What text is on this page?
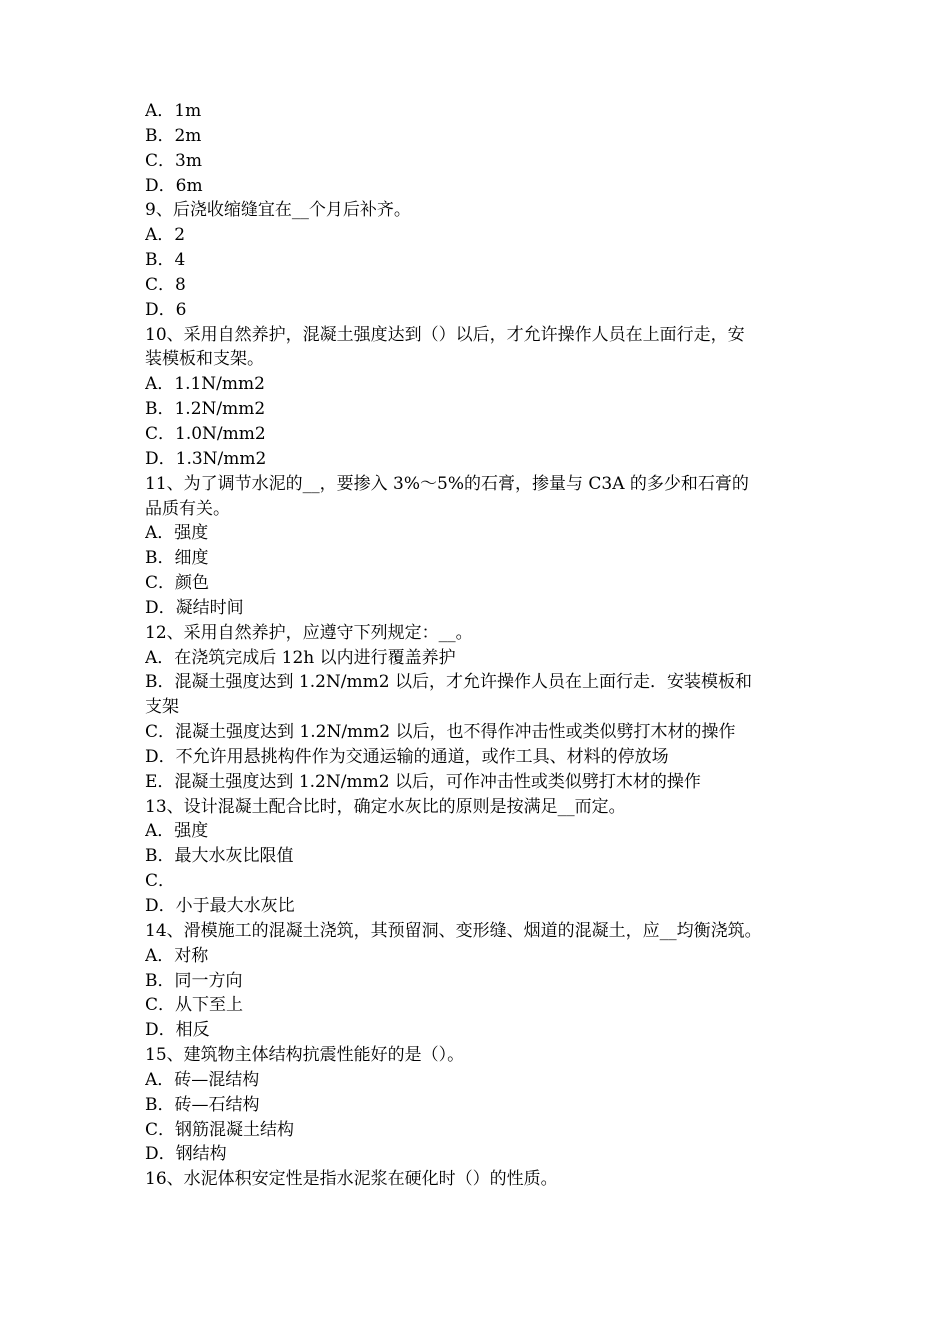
A．1m
B．2m
C．3m
D．6m
9、后浇收缩缝宜在__个月后补齐。
A．2
B．4
C．8
D．6
10、采用自然养护，混凝土强度达到（）以后，才允许操作人员在上面行走，安
装模板和支架。
A．1.1N/mm2
B．1.2N/mm2
C．1.0N/mm2
D．1.3N/mm2
11、为了调节水泥的__，要掺入 3%～5%的石膏，掺量与 C3A 的多少和石膏的
品质有关。
A．强度
B．细度
C．颜色
D．凝结时间
12、采用自然养护，应遵守下列规定：__。
A．在浇筑完成后 12h 以内进行覆盖养护
B．混凝土强度达到 1.2N/mm2 以后，才允许操作人员在上面行走．安装模板和
支架
C．混凝土强度达到 1.2N/mm2 以后，也不得作冲击性或类似劈打木材的操作
D．不允许用悬挑构件作为交通运输的通道，或作工具、材料的停放场
E．混凝土强度达到 1.2N/mm2 以后，可作冲击性或类似劈打木材的操作
13、设计混凝土配合比时，确定水灰比的原则是按满足__而定。
A．强度
B．最大水灰比限值
C．
D．小于最大水灰比
14、滑模施工的混凝土浇筑，其预留洞、变形缝、烟道的混凝土，应__均衡浇筑。
A．对称
B．同一方向
C．从下至上
D．相反
15、建筑物主体结构抗震性能好的是（）。
A．砖—混结构
B．砖—石结构
C．钢筋混凝土结构
D．钢结构
16、水泥体积安定性是指水泥浆在硬化时（）的性质。
